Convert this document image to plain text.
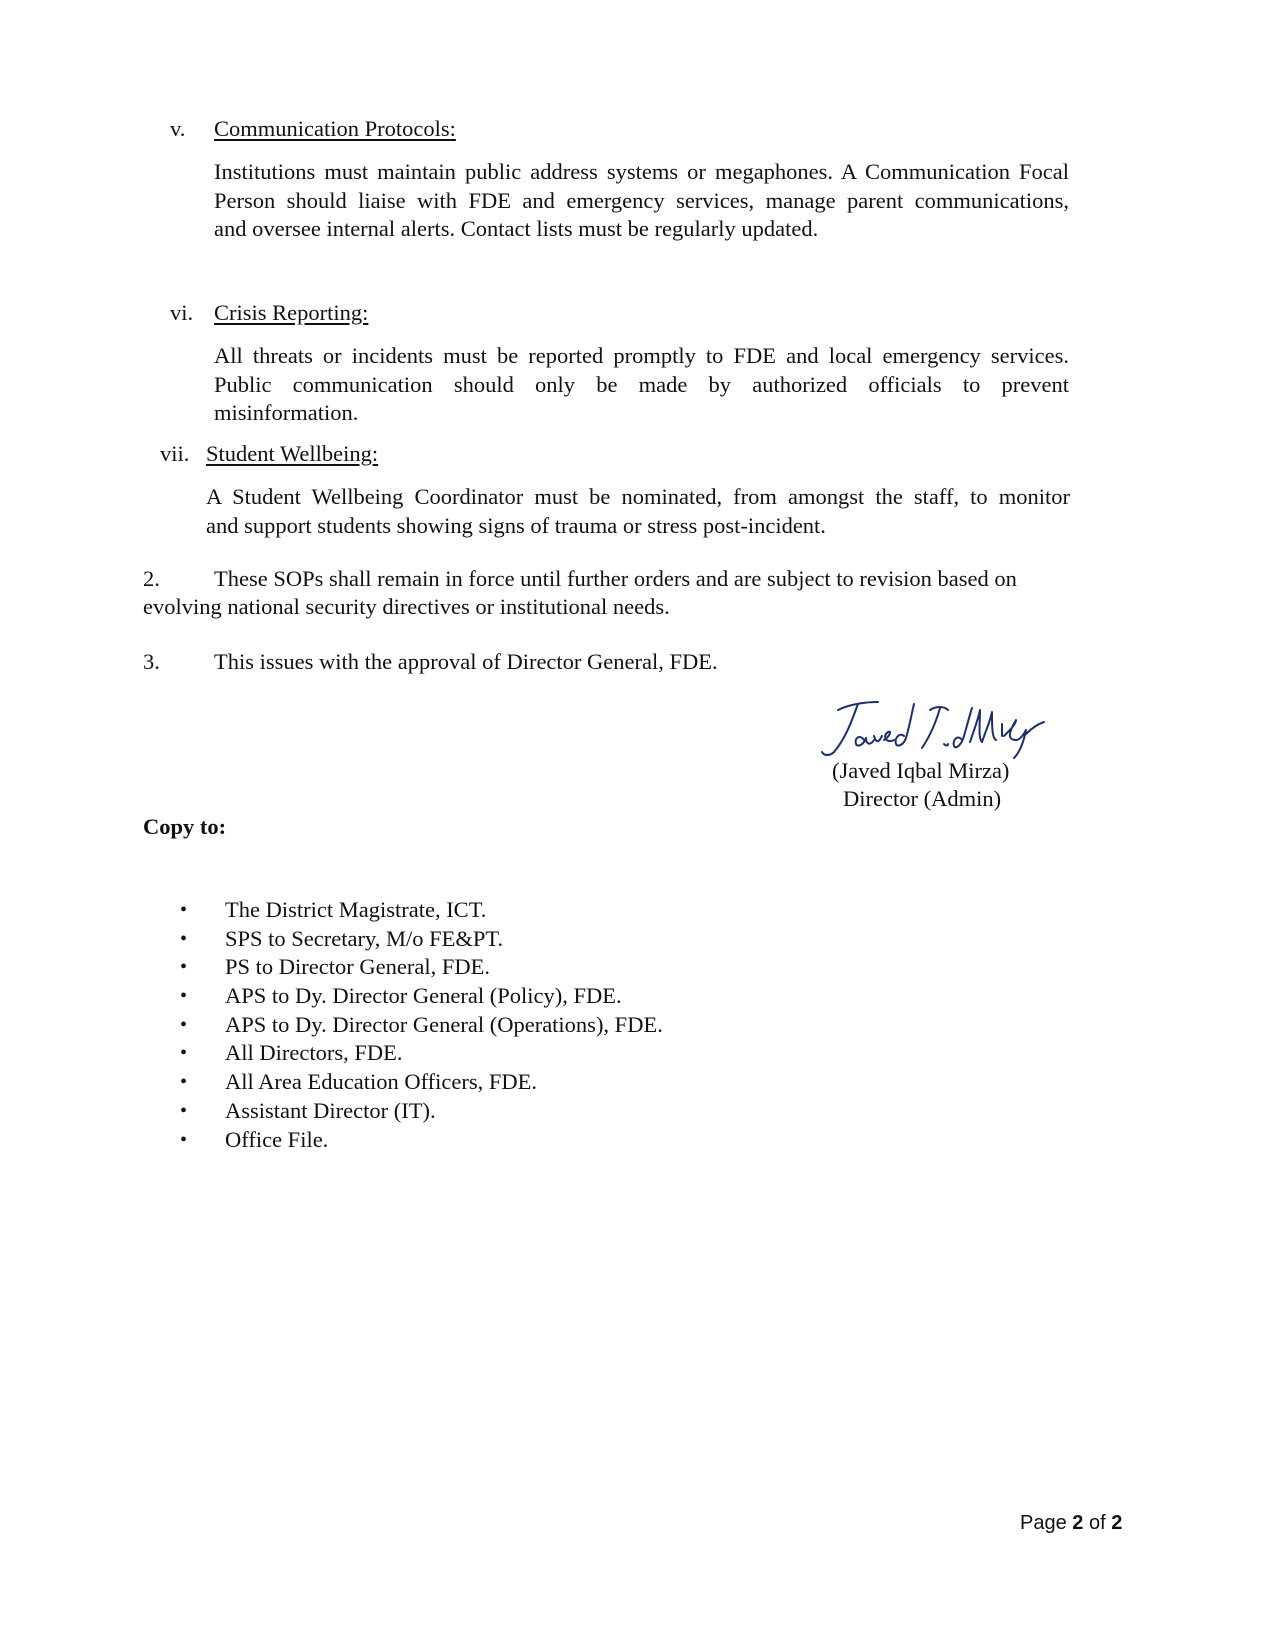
v. Communication Protocols:
Institutions must maintain public address systems or megaphones. A Communication Focal
Person should liaise with FDE and emergency services, manage parent communications,
and oversee internal alerts. Contact lists must be regularly updated.
vi. Crisis Reporting:
All threats or incidents must be reported promptly to FDE and local emergency services.
Public communication should only be made by authorized officials to prevent
misinformation.
vii. Student Wellbeing:
A Student Wellbeing Coordinator must be nominated, from amongst the staff, to monitor
and support students showing signs of trauma or stress post-incident.
2. These SOPs shall remain in force until further orders and are subject to revision based on
evolving national security directives or institutional needs.
3. This issues with the approval of Director General, FDE.
(Javed Iqbal Mirza)
Director (Admin)
Copy to:
• The District Magistrate, ICT.
• SPS to Secretary, M/o FE&PT.
• PS to Director General, FDE.
• APS to Dy. Director General (Policy), FDE.
• APS to Dy. Director General (Operations), FDE.
• All Directors, FDE.
• All Area Education Officers, FDE.
• Assistant Director (IT).
• Office File.
Page 2 of 2
